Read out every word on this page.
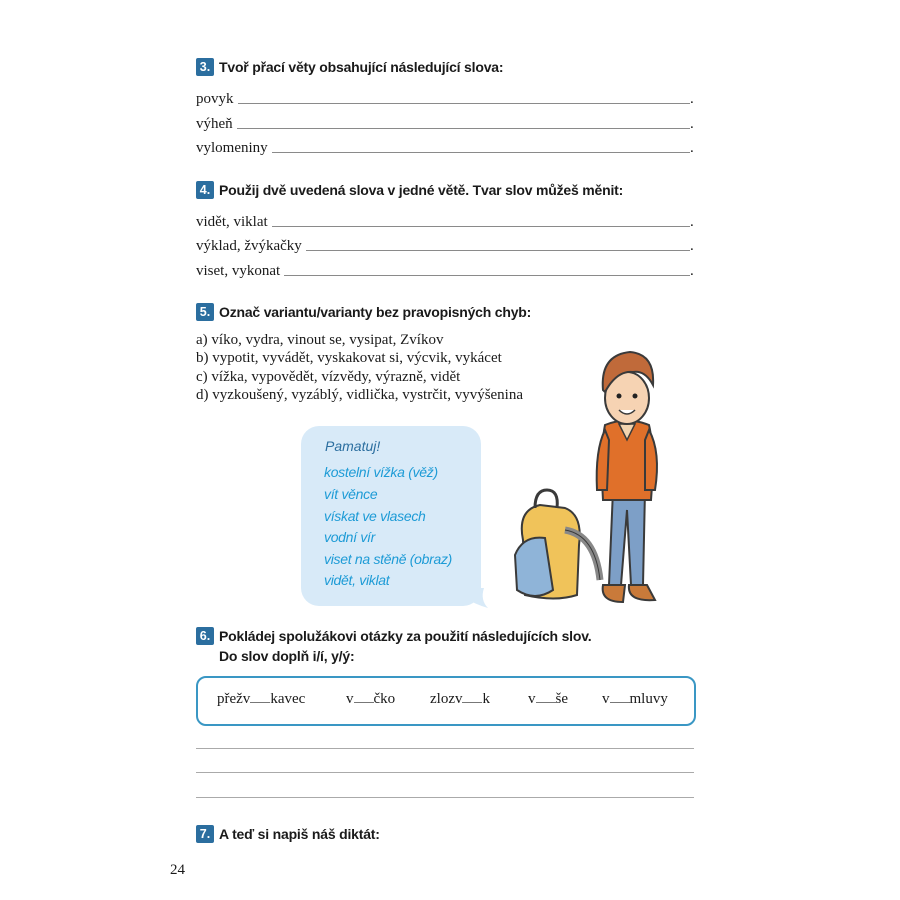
3. Tvoř přací věty obsahující následující slova:
povyk	.
výheň	.
vylomeniny	.
4. Použij dvě uvedená slova v jedné větě. Tvar slov můžeš měnit:
vidět, viklat	.
výklad, žvýkačky	.
viset, vykonat	.
5. Označ variantu/varianty bez pravopisných chyb:
a) víko, vydra, vinout se, vysipat, Zvíkov
b) vypotit, vyvádět, vyskakovat si, výcvik, vykácet
c) vížka, vypovědět, vízvědy, výrazně, vidět
d) vyzkoušený, vyzáblý, vidlička, vystrčit, vyvýšenina
Pamatuj!
kostelní vížka (věž)
vít věnce
vískat ve vlasech
vodní vír
viset na stěně (obraz)
vidět, viklat
6. Pokládej spolužákovi otázky za použití následujících slov.
Do slov doplň i/í, y/ý:
přežv kavec	v čko zlozv k	v še v mluvy
7. A teď si napiš náš diktát:
24
